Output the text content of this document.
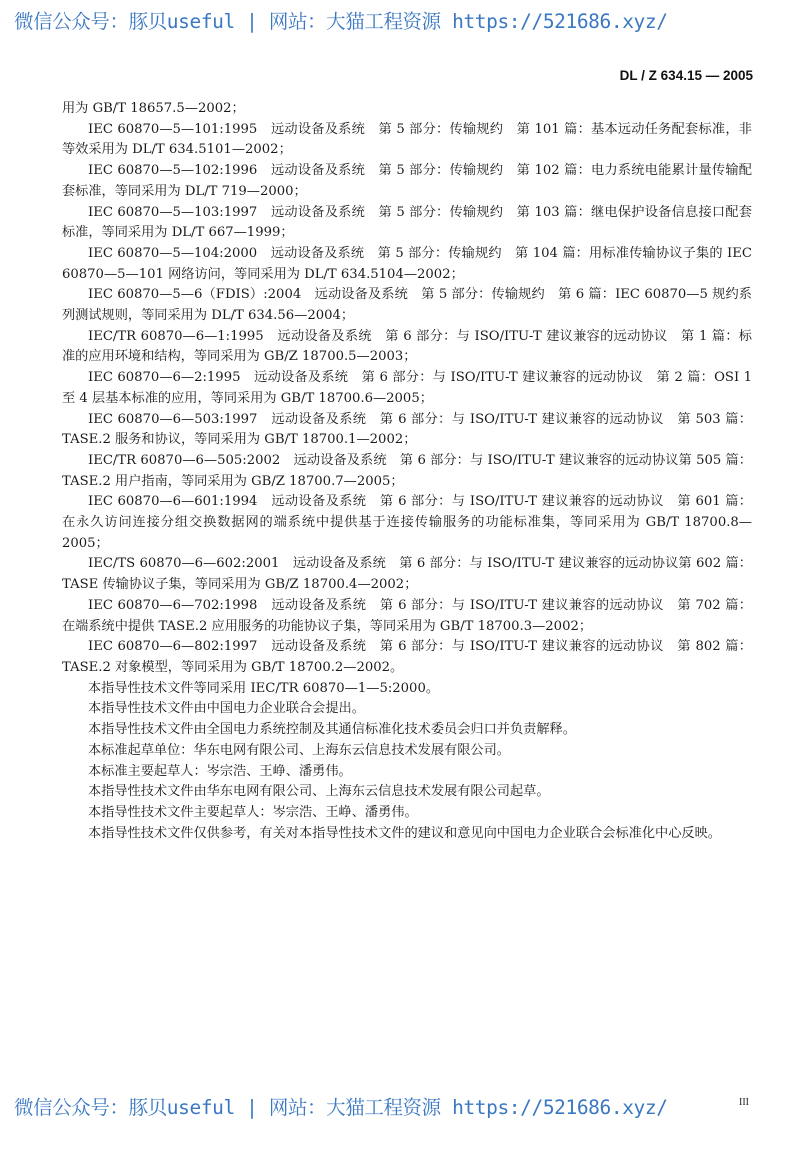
微信公众号：豚贝useful | 网站：大猫工程资源 https://521686.xyz/
DL / Z 634.15 — 2005

用为 GB/T 18657.5—2002；

IEC 60870—5—101:1995　远动设备及系统　第 5 部分：传输规约　第 101 篇：基本远动任务配套标准，非等效采用为 DL/T 634.5101—2002；

IEC 60870—5—102:1996　远动设备及系统　第 5 部分：传输规约　第 102 篇：电力系统电能累计量传输配套标准，等同采用为 DL/T 719—2000；

IEC 60870—5—103:1997　远动设备及系统　第 5 部分：传输规约　第 103 篇：继电保护设备信息接口配套标准，等同采用为 DL/T 667—1999；

IEC 60870—5—104:2000　远动设备及系统　第 5 部分：传输规约　第 104 篇：用标准传输协议子集的 IEC 60870—5—101 网络访问，等同采用为 DL/T 634.5104—2002；

IEC 60870—5—6（FDIS）:2004　远动设备及系统　第 5 部分：传输规约　第 6 篇：IEC 60870—5 规约系列测试规则，等同采用为 DL/T 634.56—2004；

IEC/TR 60870—6—1:1995　远动设备及系统　第 6 部分：与 ISO/ITU-T 建议兼容的远动协议　第 1 篇：标准的应用环境和结构，等同采用为 GB/Z 18700.5—2003；

IEC 60870—6—2:1995　远动设备及系统　第 6 部分：与 ISO/ITU-T 建议兼容的远动协议　第 2 篇：OSI 1 至 4 层基本标准的应用，等同采用为 GB/T 18700.6—2005；

IEC 60870—6—503:1997　远动设备及系统　第 6 部分：与 ISO/ITU-T 建议兼容的远动协议　第 503 篇：TASE.2 服务和协议，等同采用为 GB/T 18700.1—2002；

IEC/TR 60870—6—505:2002　远动设备及系统　第 6 部分：与 ISO/ITU-T 建议兼容的远动协议第 505 篇：TASE.2 用户指南，等同采用为 GB/Z 18700.7—2005；

IEC 60870—6—601:1994　远动设备及系统　第 6 部分：与 ISO/ITU-T 建议兼容的远动协议　第 601 篇：在永久访问连接分组交换数据网的端系统中提供基于连接传输服务的功能标准集，等同采用为 GB/T 18700.8—2005；

IEC/TS 60870—6—602:2001　远动设备及系统　第 6 部分：与 ISO/ITU-T 建议兼容的远动协议第 602 篇：TASE 传输协议子集，等同采用为 GB/Z 18700.4—2002；

IEC 60870—6—702:1998　远动设备及系统　第 6 部分：与 ISO/ITU-T 建议兼容的远动协议　第 702 篇：在端系统中提供 TASE.2 应用服务的功能协议子集，等同采用为 GB/T 18700.3—2002；

IEC 60870—6—802:1997　远动设备及系统　第 6 部分：与 ISO/ITU-T 建议兼容的远动协议　第 802 篇：TASE.2 对象模型，等同采用为 GB/T 18700.2—2002。

本指导性技术文件等同采用 IEC/TR 60870—1—5:2000。

本指导性技术文件由中国电力企业联合会提出。

本指导性技术文件由全国电力系统控制及其通信标准化技术委员会归口并负责解释。

本标准起草单位：华东电网有限公司、上海东云信息技术发展有限公司。

本标准主要起草人：岑宗浩、王峥、潘勇伟。

本指导性技术文件由华东电网有限公司、上海东云信息技术发展有限公司起草。

本指导性技术文件主要起草人：岑宗浩、王峥、潘勇伟。

本指导性技术文件仅供参考，有关对本指导性技术文件的建议和意见向中国电力企业联合会标准化中心反映。

微信公众号：豚贝useful | 网站：大猫工程资源 https://521686.xyz/	III
